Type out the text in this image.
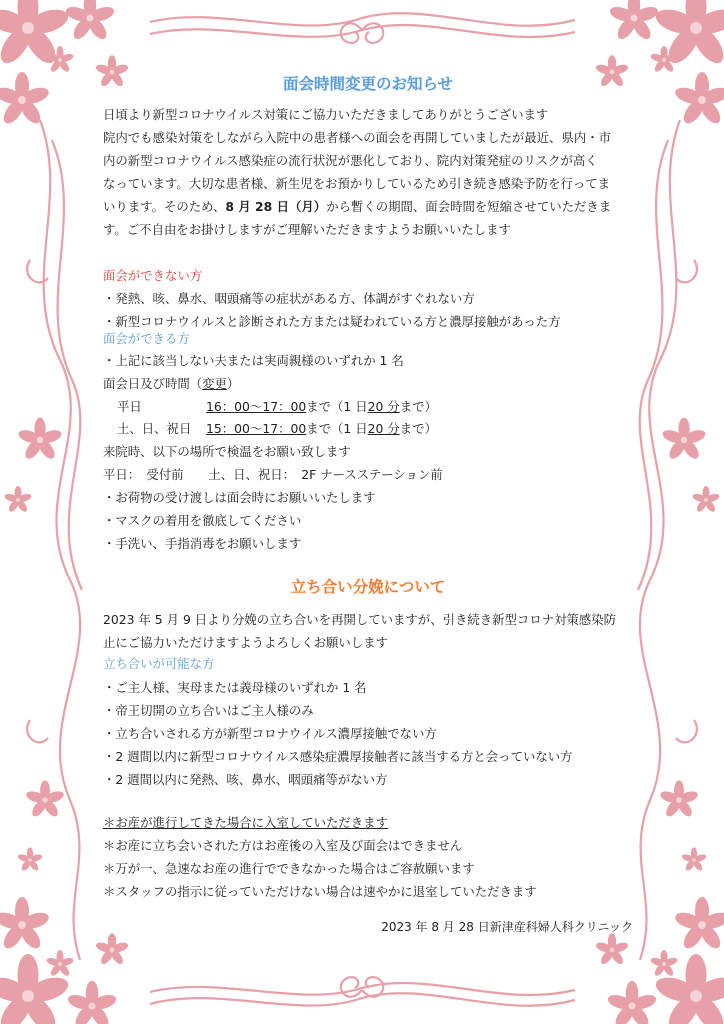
面会時間変更のお知らせ
日頃より新型コロナウイルス対策にご協力いただきましてありがとうございます
院内でも感染対策をしながら入院中の患者様への面会を再開していましたが最近、県内・市
内の新型コロナウイルス感染症の流行状況が悪化しており、院内対策発症のリスクが高く
なっています。大切な患者様、新生児をお預かりしているため引き続き感染予防を行ってま
いります。そのため、8 月 28 日（月）から暫くの期間、面会時間を短縮させていただきま
す。ご不自由をお掛けしますがご理解いただきますようお願いいたします
面会ができない方
・発熱、咳、鼻水、咽頭痛等の症状がある方、体調がすぐれない方
・新型コロナウイルスと診断された方または疑われている方と濃厚接触があった方
面会ができる方
・上記に該当しない夫または実両親様のいずれか 1 名
面会日及び時間（変更）
平日	16：00～17：00まで（1 日20 分まで）
土、日、祝日 15：00～17：00まで（1 日20 分まで）
来院時、以下の場所で検温をお願い致します
平日：　受付前　　土、日、祝日：　2F ナースステーション前
・お荷物の受け渡しは面会時にお願いいたします
・マスクの着用を徹底してください
・手洗い、手指消毒をお願いします
立ち合い分娩について
2023 年 5 月 9 日より分娩の立ち合いを再開していますが、引き続き新型コロナ対策感染防
止にご協力いただけますようよろしくお願いします
立ち合いが可能な方
・ご主人様、実母または義母様のいずれか 1 名
・帝王切開の立ち合いはご主人様のみ
・立ち合いされる方が新型コロナウイルス濃厚接触でない方
・2 週間以内に新型コロナウイルス感染症濃厚接触者に該当する方と会っていない方
・2 週間以内に発熱、咳、鼻水、咽頭痛等がない方
＊お産が進行してきた場合に入室していただきます
＊お産に立ち会いされた方はお産後の入室及び面会はできません
＊万が一、急速なお産の進行でできなかった場合はご容赦願います
＊スタッフの指示に従っていただけない場合は速やかに退室していただきます
2023 年 8 月 28 日新津産科婦人科クリニック
